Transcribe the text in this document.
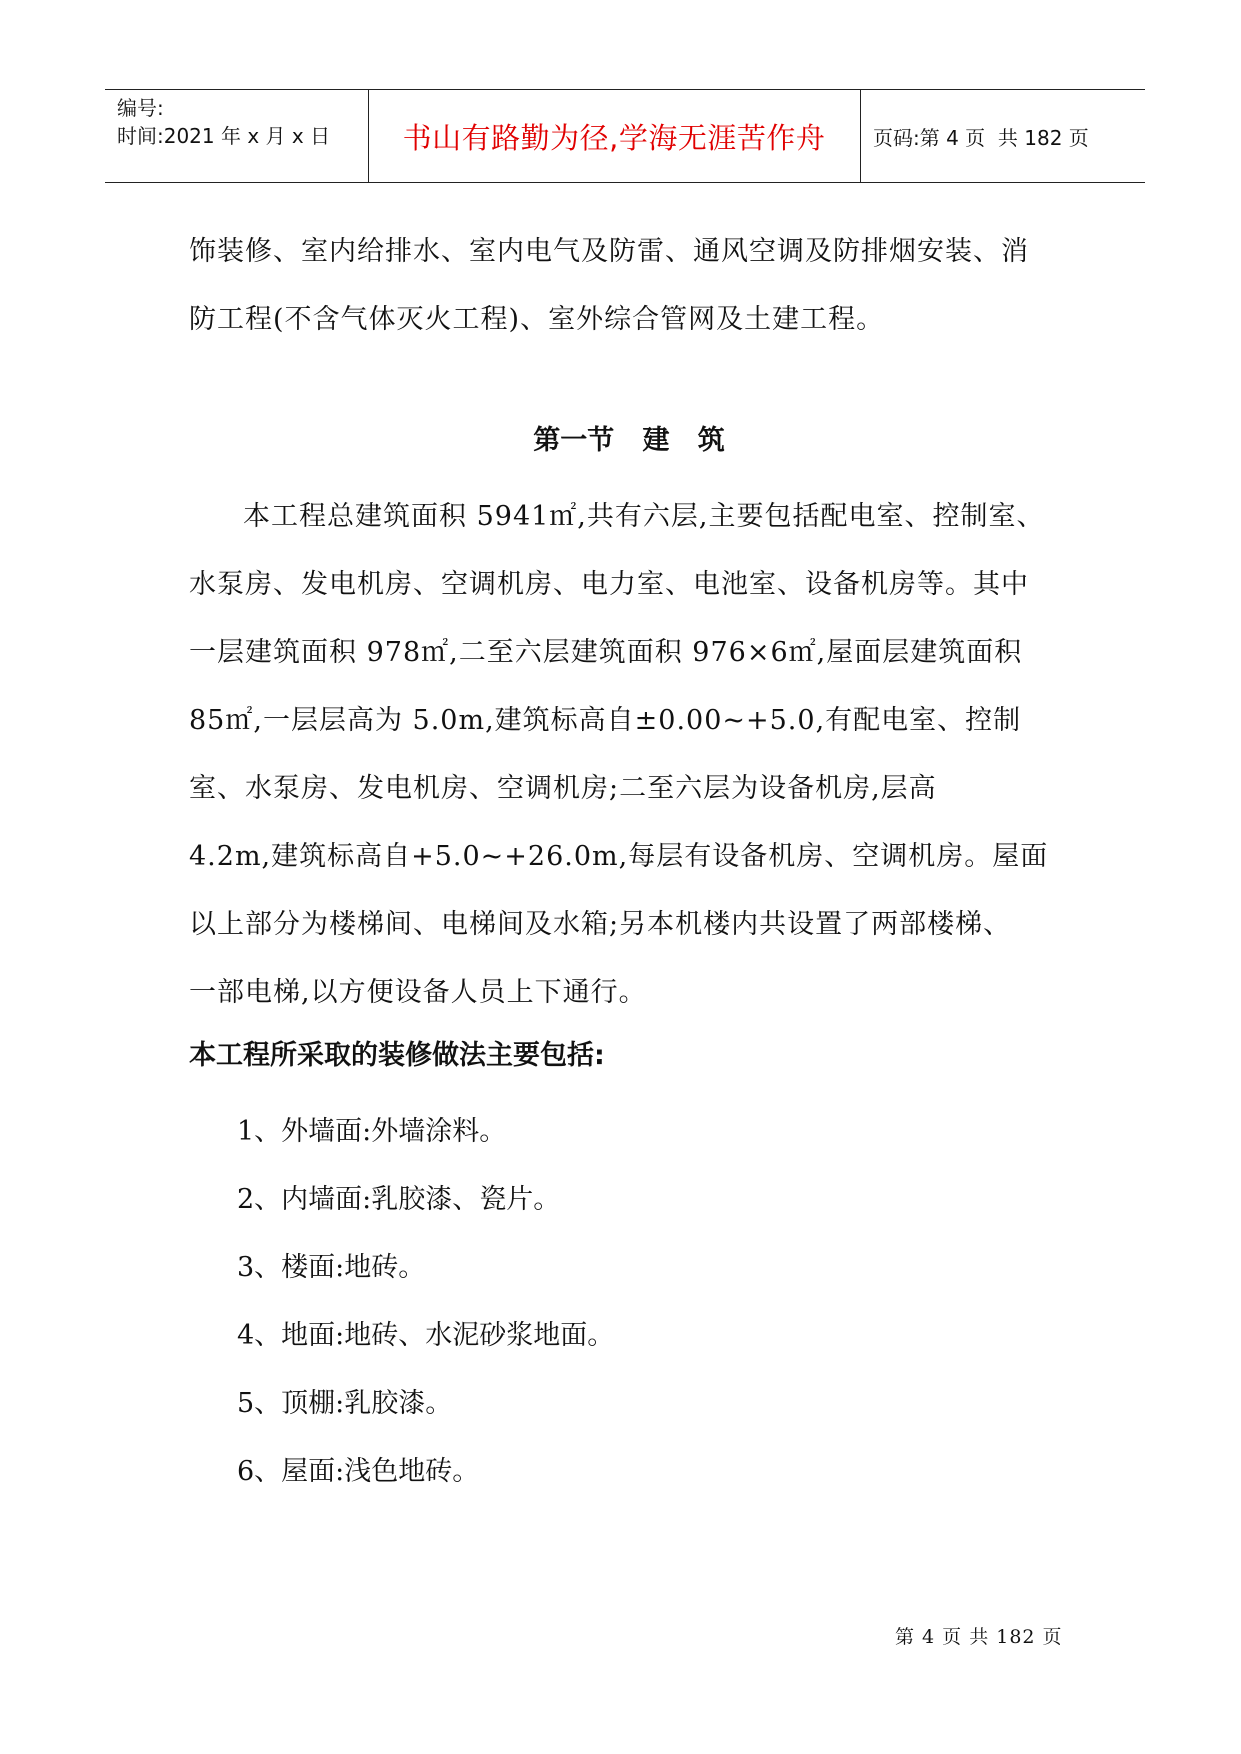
编号:
时间:2021 年 x 月 x 日	书山有路勤为径,学海无涯苦作舟	页码:第 4 页  共 182 页
饰装修、室内给排水、室内电气及防雷、通风空调及防排烟安装、消
防工程(不含气体灭火工程)、室外综合管网及土建工程。
第一节   建   筑
本工程总建筑面积 5941㎡,共有六层,主要包括配电室、控制室、
水泵房、发电机房、空调机房、电力室、电池室、设备机房等。其中
一层建筑面积 978㎡,二至六层建筑面积 976×6㎡,屋面层建筑面积
85㎡,一层层高为 5.0m,建筑标高自±0.00~+5.0,有配电室、控制
室、水泵房、发电机房、空调机房;二至六层为设备机房,层高
4.2m,建筑标高自+5.0~+26.0m,每层有设备机房、空调机房。屋面
以上部分为楼梯间、电梯间及水箱;另本机楼内共设置了两部楼梯、
一部电梯,以方便设备人员上下通行。
本工程所采取的装修做法主要包括:
1、外墙面:外墙涂料。
2、内墙面:乳胶漆、瓷片。
3、楼面:地砖。
4、地面:地砖、水泥砂浆地面。
5、顶棚:乳胶漆。
6、屋面:浅色地砖。
第 4 页 共 182 页
